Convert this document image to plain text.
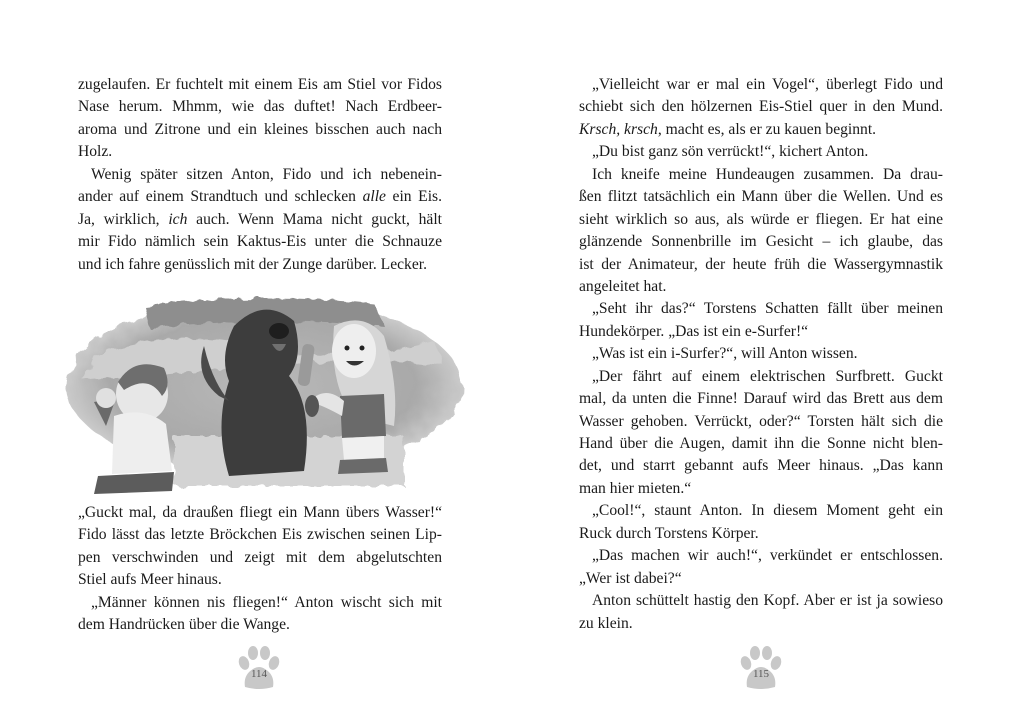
zugelaufen. Er fuchtelt mit einem Eis am Stiel vor Fidos
Nase herum. Mhmm, wie das duftet! Nach Erdbeer-
aroma und Zitrone und ein kleines bisschen auch nach
Holz.
Wenig später sitzen Anton, Fido und ich nebenein-
ander auf einem Strandtuch und schlecken alle ein Eis.
Ja, wirklich, ich auch. Wenn Mama nicht guckt, hält
mir Fido nämlich sein Kaktus-Eis unter die Schnauze
und ich fahre genüsslich mit der Zunge darüber. Lecker.
„Guckt mal, da draußen fliegt ein Mann übers Wasser!“
Fido lässt das letzte Bröckchen Eis zwischen seinen Lip-
pen verschwinden und zeigt mit dem abgelutschten
Stiel aufs Meer hinaus.
„Männer können nis fliegen!“ Anton wischt sich mit
dem Handrücken über die Wange.
„Vielleicht war er mal ein Vogel“, überlegt Fido und
schiebt sich den hölzernen Eis-Stiel quer in den Mund.
Krsch, krsch, macht es, als er zu kauen beginnt.
„Du bist ganz sön verrückt!“, kichert Anton.
Ich kneife meine Hundeaugen zusammen. Da drau-
ßen flitzt tatsächlich ein Mann über die Wellen. Und es
sieht wirklich so aus, als würde er fliegen. Er hat eine
glänzende Sonnenbrille im Gesicht – ich glaube, das
ist der Animateur, der heute früh die Wassergymnastik
angeleitet hat.
„Seht ihr das?“ Torstens Schatten fällt über meinen
Hundekörper. „Das ist ein e-Surfer!“
„Was ist ein i-Surfer?“, will Anton wissen.
„Der fährt auf einem elektrischen Surfbrett. Guckt
mal, da unten die Finne! Darauf wird das Brett aus dem
Wasser gehoben. Verrückt, oder?“ Torsten hält sich die
Hand über die Augen, damit ihn die Sonne nicht blen-
det, und starrt gebannt aufs Meer hinaus. „Das kann
man hier mieten.“
„Cool!“, staunt Anton. In diesem Moment geht ein
Ruck durch Torstens Körper.
„Das machen wir auch!“, verkündet er entschlossen.
„Wer ist dabei?“
Anton schüttelt hastig den Kopf. Aber er ist ja sowieso
zu klein.
114	115
